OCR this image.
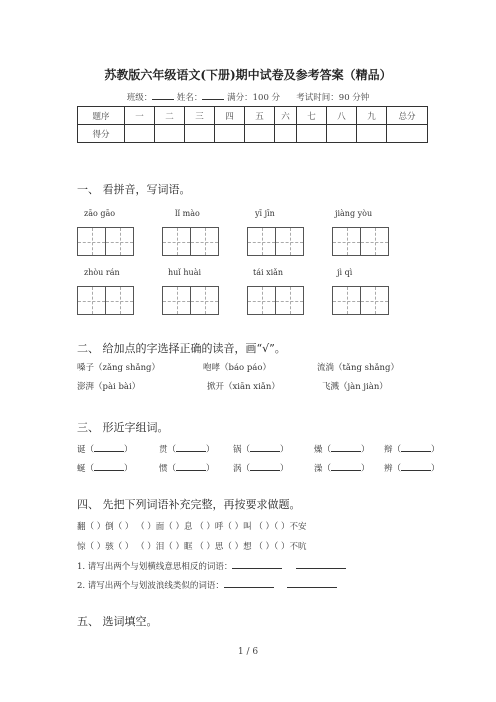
苏教版六年级语文(下册)期中试卷及参考答案（精品）
班级：	姓名：	满分：100 分 考试时间：90 分钟
题序	一	二	三	四	五	六	七	八	九	总分
得分										
一、 看拼音，写词语。
zāo gāo	lǐ mào	yī jīn	jiàng yòu
zhòu rán	huǐ huài	tái xiǎn	jì qì
二、 给加点的字选择正确的读音，画“√”。
嗓子（zǎng shǎng）	咆哮（báo páo）	流淌（tǎng shǎng）
澎湃（pài bài）	掀开（xiān xiǎn）	飞溅（jàn jiàn）
三、 形近字组词。
诞（	）	贯（	） 锅（	）	燥（	） 辩（	）
蜒（	）	惯（	） 涡（	）	澡（	） 辨（	）
四、 先把下列词语补充完整，再按要求做题。
翻（ ）倒（ ） （ ）面（ ）息 （ ）呼（ ）叫 （ ）（ ）不安
惊（ ）骇（ ） （ ）泪（ ）眶 （ ）思（ ）想 （ ）（ ）不吭
1. 请写出两个与划横线意思相反的词语：
2. 请写出两个与划波浪线类似的词语：
五、 选词填空。
1 / 6
